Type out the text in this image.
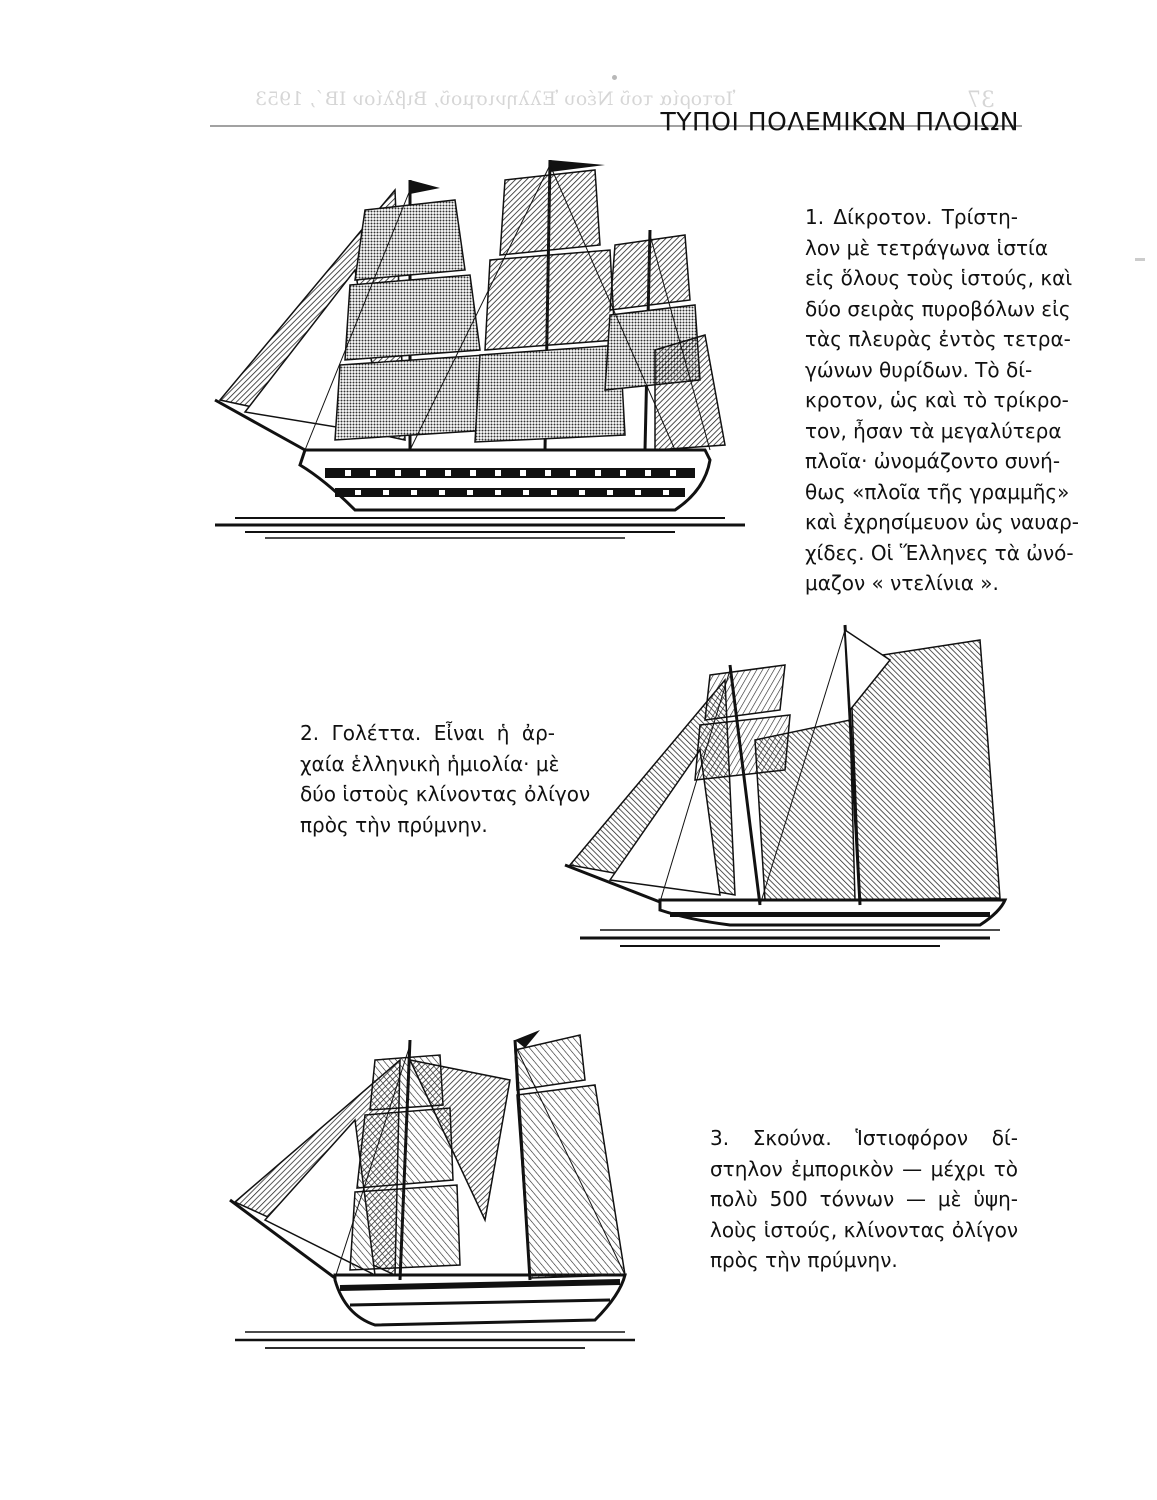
Ἱστορία τοῦ Νέου Ἑλληνισμοῦ, Βιβλίον ΙΒ΄, 1953	37
ΤΥΠΟΙ ΠΟΛΕΜΙΚΩΝ ΠΛΟΙΩΝ
1. Δίκροτον. Τρίστη-
λον μὲ τετράγωνα ἱστία
εἰς ὅλους τοὺς ἱστούς, καὶ
δύο σειρὰς πυροβόλων εἰς
τὰς πλευρὰς ἐντὸς τετρα-
γώνων θυρίδων. Τὸ δί-
κροτον, ὡς καὶ τὸ τρίκρο-
τον, ἦσαν τὰ μεγαλύτερα
πλοῖα· ὠνομάζοντο συνή-
θως «πλοῖα τῆς γραμμῆς»
καὶ ἐχρησίμευον ὡς ναυαρ-
χίδες. Οἱ Ἕλληνες τὰ ὠνό-
μαζον « ντελίνια ».
2. Γολέττα. Εἶναι ἡ ἀρ-
χαία ἑλληνικὴ ἡμιολία· μὲ
δύο ἱστοὺς κλίνοντας ὀλίγον
πρὸς τὴν πρύμνην.
3. Σκούνα. Ἱστιοφόρον δί-
στηλον ἐμπορικὸν — μέχρι τὸ
πολὺ 500 τόννων — μὲ ὑψη-
λοὺς ἱστούς, κλίνοντας ὀλίγον
πρὸς τὴν πρύμνην.
